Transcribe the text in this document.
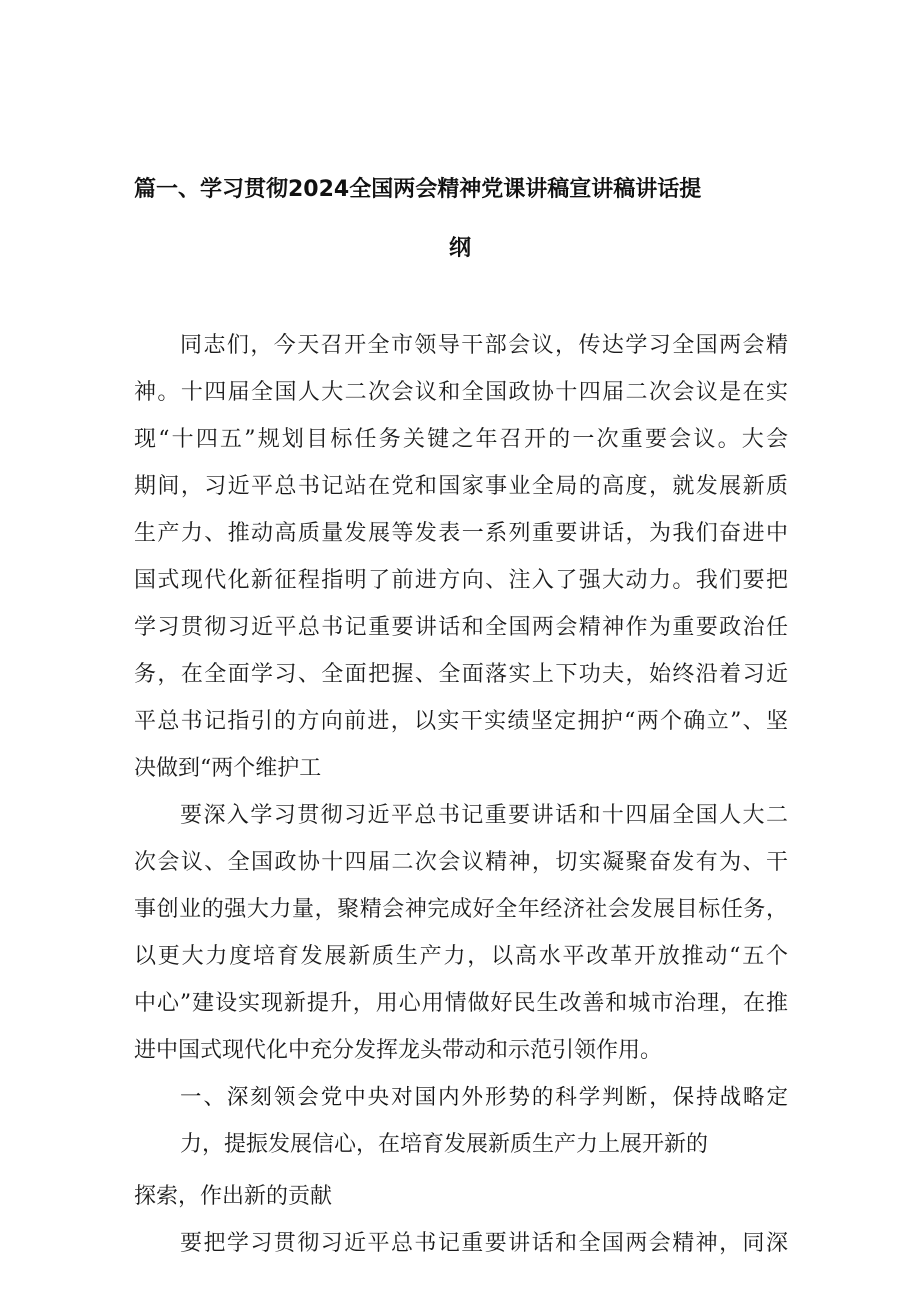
篇一、学习贯彻2024全国两会精神党课讲稿宣讲稿讲话提
纲
同志们，今天召开全市领导干部会议，传达学习全国两会精
神。十四届全国人大二次会议和全国政协十四届二次会议是在实
现“十四五”规划目标任务关键之年召开的一次重要会议。大会
期间，习近平总书记站在党和国家事业全局的高度，就发展新质
生产力、推动高质量发展等发表一系列重要讲话，为我们奋进中
国式现代化新征程指明了前进方向、注入了强大动力。我们要把
学习贯彻习近平总书记重要讲话和全国两会精神作为重要政治任
务，在全面学习、全面把握、全面落实上下功夫，始终沿着习近
平总书记指引的方向前进，以实干实绩坚定拥护“两个确立”、坚
决做到“两个维护工
要深入学习贯彻习近平总书记重要讲话和十四届全国人大二
次会议、全国政协十四届二次会议精神，切实凝聚奋发有为、干
事创业的强大力量，聚精会神完成好全年经济社会发展目标任务，
以更大力度培育发展新质生产力，以高水平改革开放推动“五个
中心”建设实现新提升，用心用情做好民生改善和城市治理，在推
进中国式现代化中充分发挥龙头带动和示范引领作用。
一、深刻领会党中央对国内外形势的科学判断，保持战略定
力，提振发展信心，在培育发展新质生产力上展开新的
探索，作出新的贡献
要把学习贯彻习近平总书记重要讲话和全国两会精神，同深
